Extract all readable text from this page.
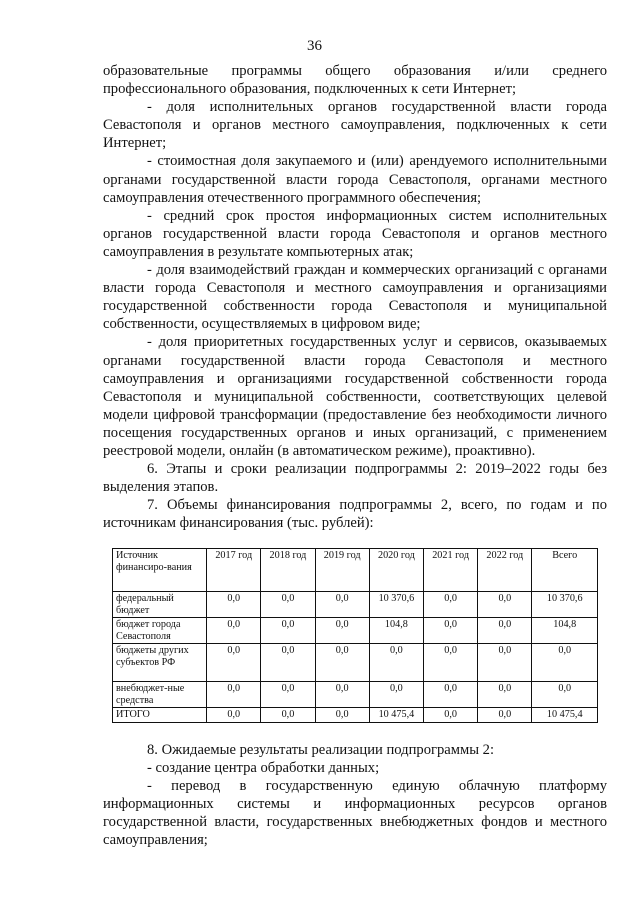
36

образовательные программы общего образования и/или среднего профессионального образования, подключенных к сети Интернет;

- доля исполнительных органов государственной власти города Севастополя и органов местного самоуправления, подключенных к сети Интернет;

- стоимостная доля закупаемого и (или) арендуемого исполнительными органами государственной власти города Севастополя, органами местного самоуправления отечественного программного обеспечения;

- средний срок простоя информационных систем исполнительных органов государственной власти города Севастополя и органов местного самоуправления в результате компьютерных атак;

- доля взаимодействий граждан и коммерческих организаций с органами власти города Севастополя и местного самоуправления и организациями государственной собственности города Севастополя и муниципальной собственности, осуществляемых в цифровом виде;

- доля приоритетных государственных услуг и сервисов, оказываемых органами государственной власти города Севастополя и местного самоуправления и организациями государственной собственности города Севастополя и муниципальной собственности, соответствующих целевой модели цифровой трансформации (предоставление без необходимости личного посещения государственных органов и иных организаций, с применением реестровой модели, онлайн (в автоматическом режиме), проактивно).

6. Этапы и сроки реализации подпрограммы 2: 2019–2022 годы без выделения этапов.

7. Объемы финансирования подпрограммы 2, всего, по годам и по источникам финансирования (тыс. рублей):

Источник финансиро-вания	2017 год	2018 год	2019 год	2020 год	2021 год	2022 год	Всего
федеральный бюджет	0,0	0,0	0,0	10 370,6	0,0	0,0	10 370,6
бюджет города Севастополя	0,0	0,0	0,0	104,8	0,0	0,0	104,8
бюджеты других субъектов РФ	0,0	0,0	0,0	0,0	0,0	0,0	0,0
внебюджет-ные средства	0,0	0,0	0,0	0,0	0,0	0,0	0,0
ИТОГО	0,0	0,0	0,0	10 475,4	0,0	0,0	10 475,4

8. Ожидаемые результаты реализации подпрограммы 2:

- создание центра обработки данных;

- перевод в государственную единую облачную платформу информационных системы и информационных ресурсов органов государственной власти, государственных внебюджетных фондов и местного самоуправления;
